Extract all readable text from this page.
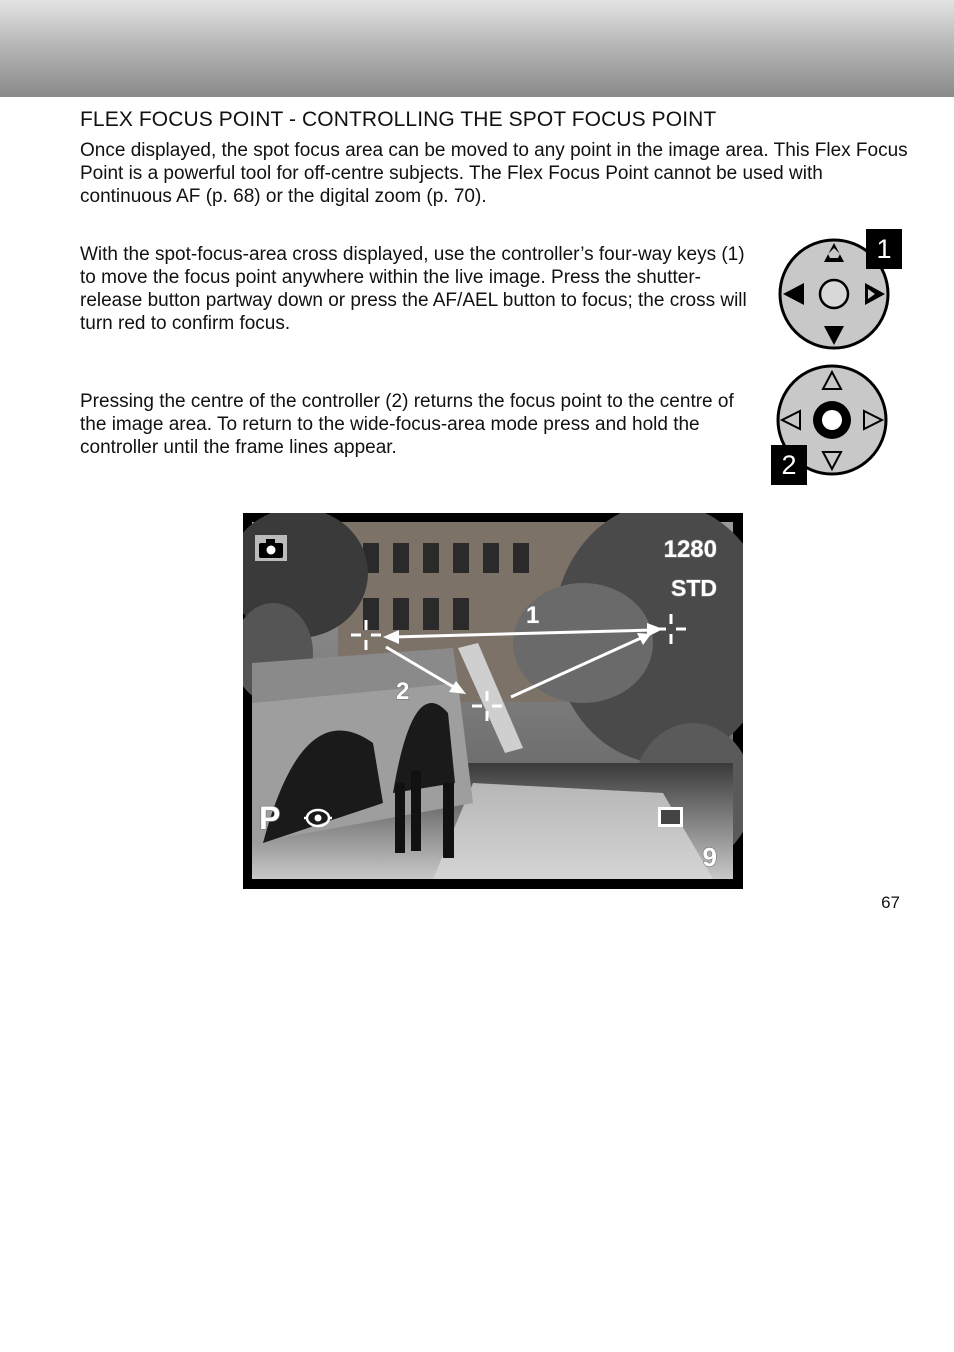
FLEX FOCUS POINT - CONTROLLING THE SPOT FOCUS POINT

Once displayed, the spot focus area can be moved to any point in the image area. This Flex Focus Point is a powerful tool for off-centre subjects. The Flex Focus Point cannot be used with continuous AF (p. 68) or the digital zoom (p. 70).

With the spot-focus-area cross displayed, use the controller’s four-way keys (1) to move the focus point anywhere within the live image. Press the shutter-release button partway down or press the AF/AEL button to focus; the cross will turn red to confirm focus.

Pressing the centre of the controller (2) returns the focus point to the centre of the image area. To return to the wide-focus-area mode press and hold the controller until the frame lines appear.

1
2
1280
STD
P
9
1
2
67
